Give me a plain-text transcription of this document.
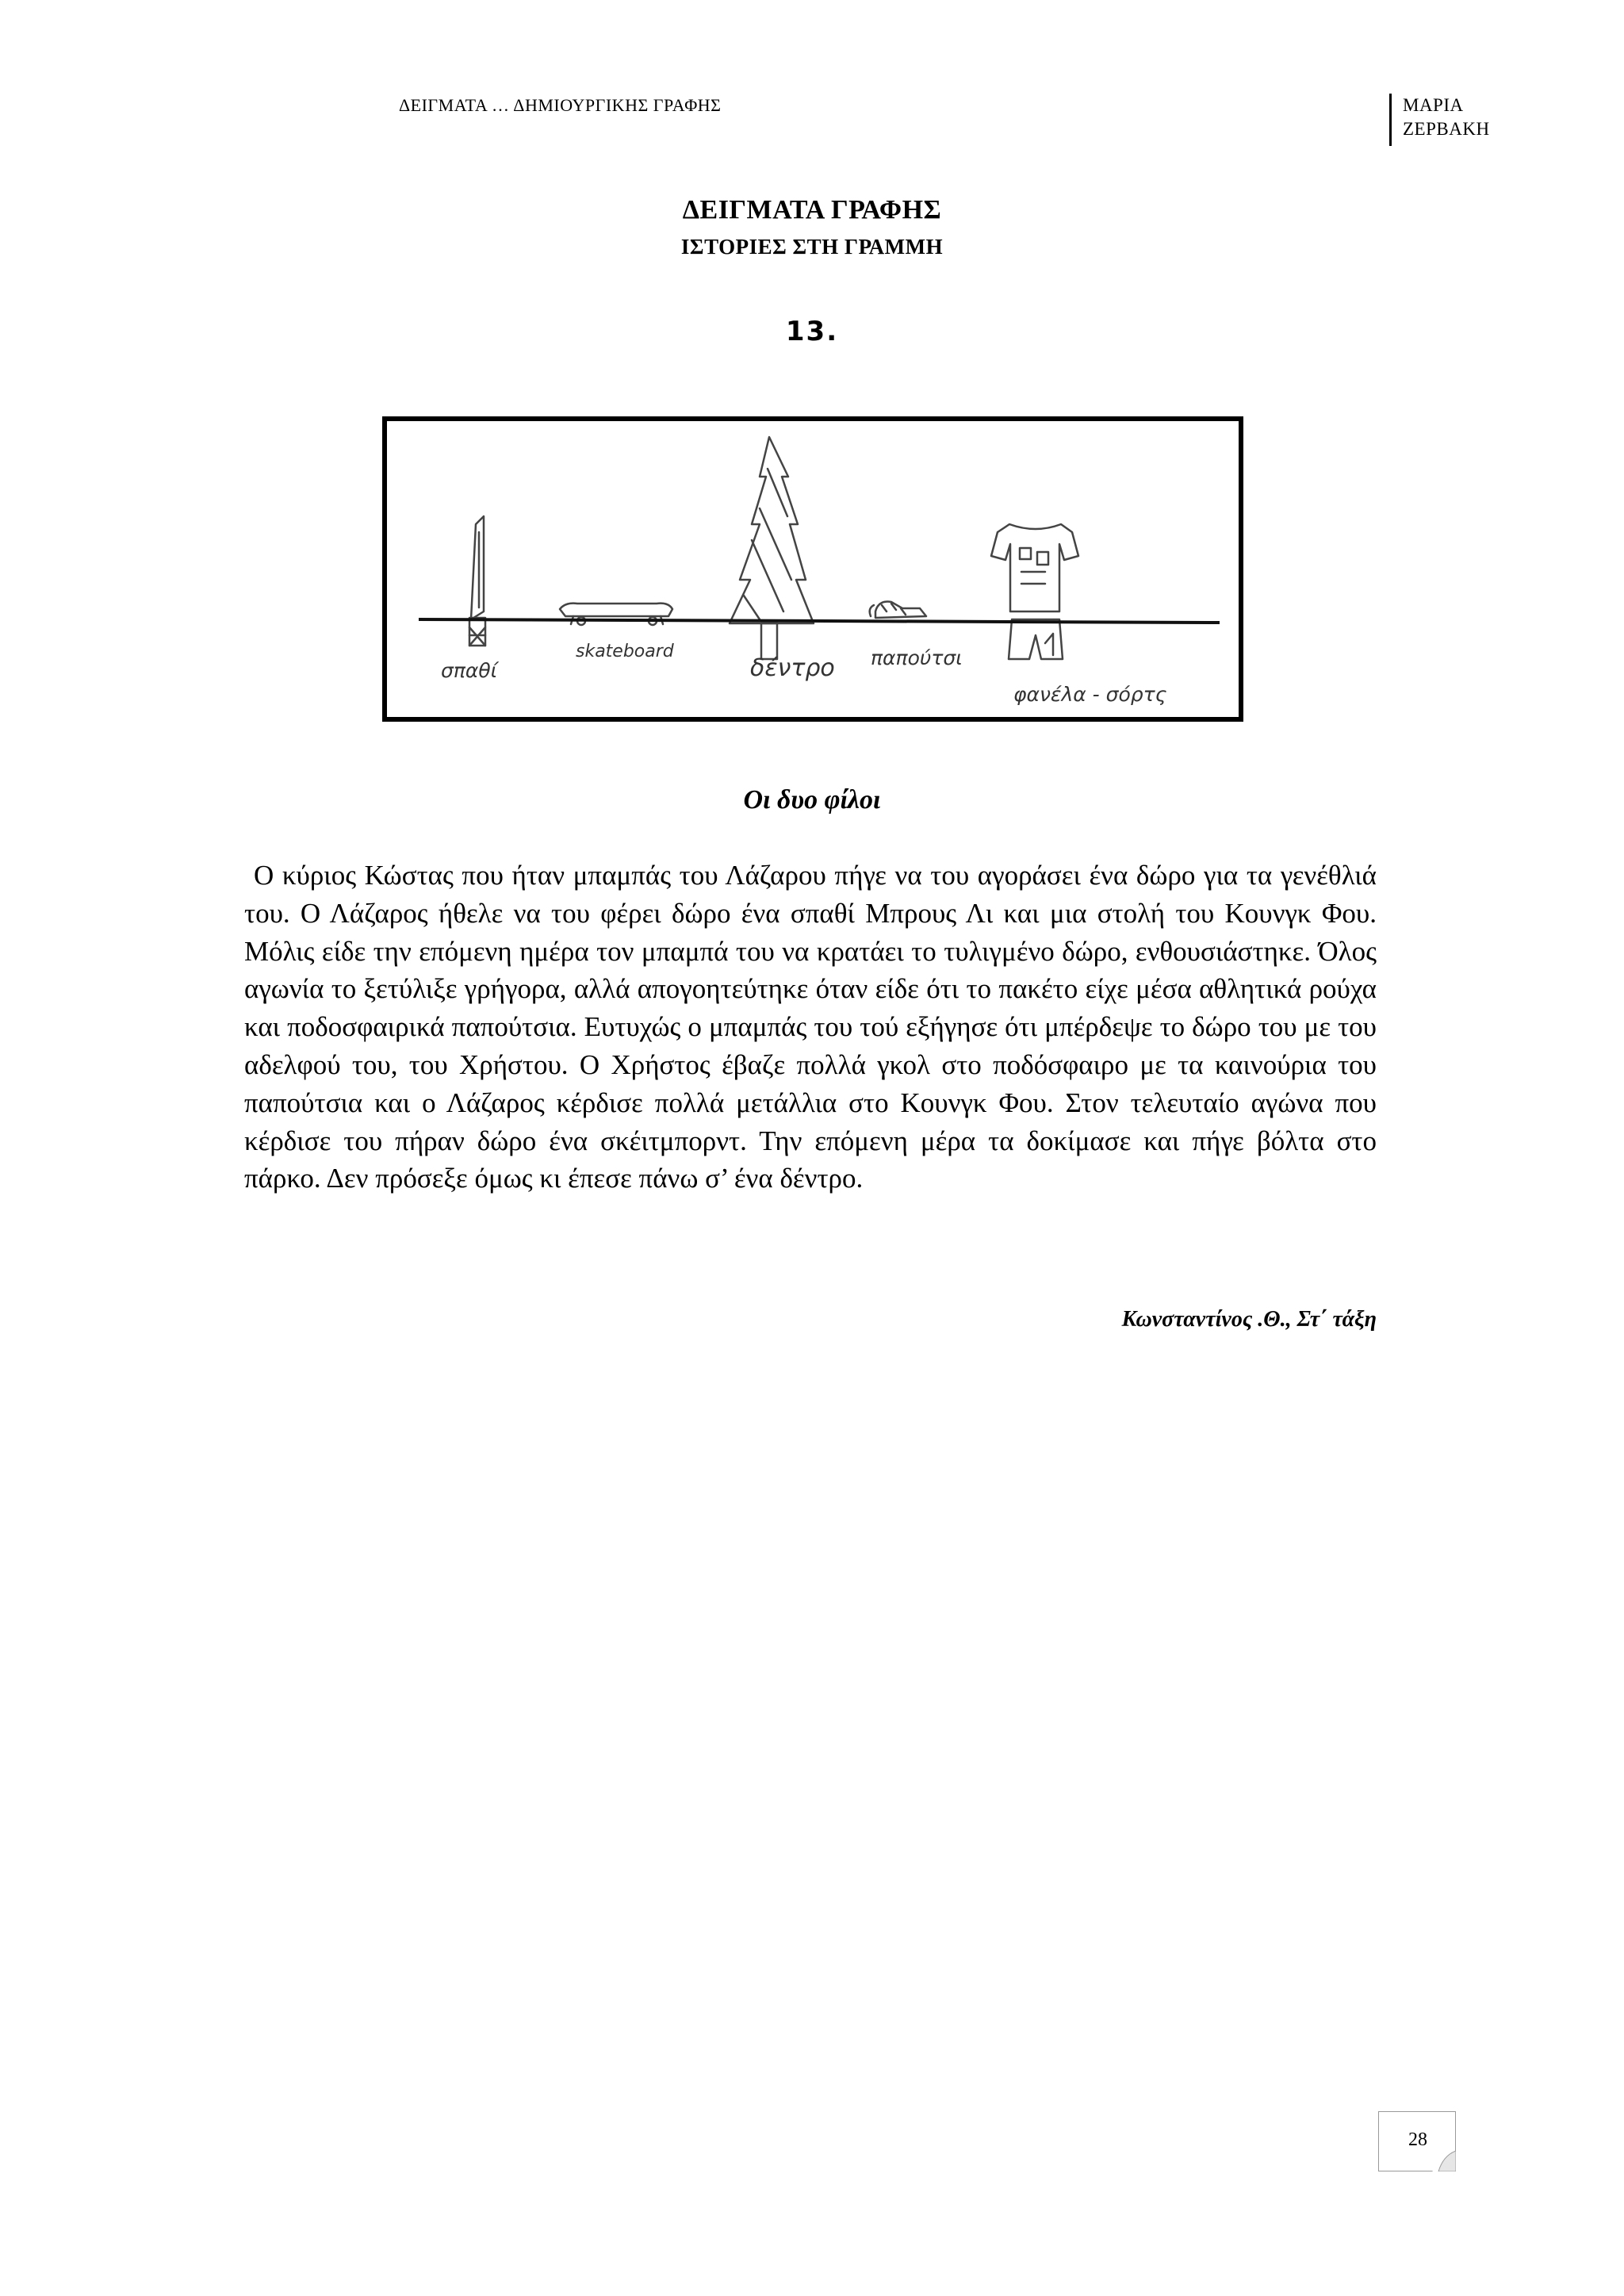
ΔΕΙΓΜΑΤΑ … ΔΗΜΙΟΥΡΓΙΚΗΣ ΓΡΑΦΗΣ	ΜΑΡΙΑ
ΖΕΡΒΑΚΗ
ΔΕΙΓΜΑΤΑ ΓΡΑΦΗΣ
ΙΣΤΟΡΙΕΣ ΣΤΗ ΓΡΑΜΜΗ
13.
σπαθί
skateboard
δέντρο παπούτσι
φανέλα - σόρτς
Οι δυο φίλοι

Ο κύριος Κώστας που ήταν μπαμπάς του Λάζαρου πήγε να του αγοράσει ένα δώρο για τα γενέθλιά του. Ο Λάζαρος ήθελε να του φέρει δώρο ένα σπαθί Μπρους Λι και μια στολή του Κουνγκ Φου. Μόλις είδε την επόμενη ημέρα τον μπαμπά του να κρατάει το τυλιγμένο δώρο, ενθουσιάστηκε. Όλος αγωνία το ξετύλιξε γρήγορα, αλλά απογοητεύτηκε όταν είδε ότι το πακέτο είχε μέσα αθλητικά ρούχα και ποδοσφαιρικά παπούτσια. Ευτυχώς ο μπαμπάς του τού εξήγησε ότι μπέρδεψε το δώρο του με του αδελφού του, του Χρήστου. Ο Χρήστος έβαζε πολλά γκολ στο ποδόσφαιρο με τα καινούρια του παπούτσια και ο Λάζαρος κέρδισε πολλά μετάλλια στο Κουνγκ Φου. Στον τελευταίο αγώνα που κέρδισε του πήραν δώρο ένα σκέιτμπορντ. Την επόμενη μέρα τα δοκίμασε και πήγε βόλτα στο πάρκο. Δεν πρόσεξε όμως κι έπεσε πάνω σ’ ένα δέντρο.

Κωνσταντίνος .Θ., Στ΄ τάξη
28
